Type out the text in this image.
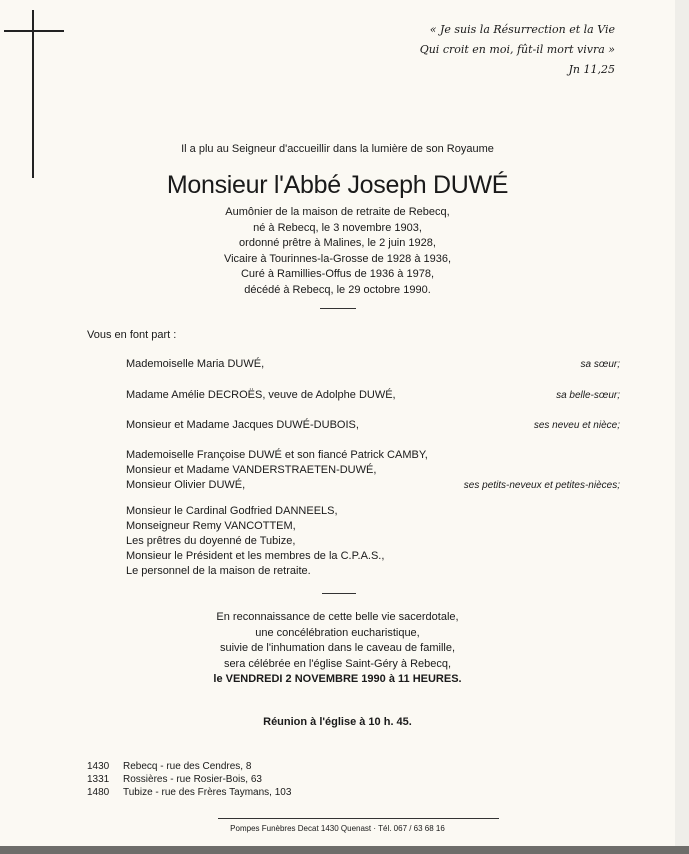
« Je suis la Résurrection et la Vie
Qui croit en moi, fût-il mort vivra »
Jn 11,25
Il a plu au Seigneur d'accueillir dans la lumière de son Royaume
Monsieur l'Abbé Joseph DUWÉ
Aumônier de la maison de retraite de Rebecq,
né à Rebecq, le 3 novembre 1903,
ordonné prêtre à Malines, le 2 juin 1928,
Vicaire à Tourinnes-la-Grosse de 1928 à 1936,
Curé à Ramillies-Offus de 1936 à 1978,
décédé à Rebecq, le 29 octobre 1990.
Vous en font part :
Mademoiselle Maria DUWÉ,	sa sœur;
Madame Amélie DECROËS, veuve de Adolphe DUWÉ,	sa belle-sœur;
Monsieur et Madame Jacques DUWÉ-DUBOIS,	ses neveu et nièce;
Mademoiselle Françoise DUWÉ et son fiancé Patrick CAMBY,
Monsieur et Madame VANDERSTRAETEN-DUWÉ,
Monsieur Olivier DUWÉ,	ses petits-neveux et petites-nièces;
Monsieur le Cardinal Godfried DANNEELS,
Monseigneur Remy VANCOTTEM,
Les prêtres du doyenné de Tubize,
Monsieur le Président et les membres de la C.P.A.S.,
Le personnel de la maison de retraite.
En reconnaissance de cette belle vie sacerdotale,
une concélébration eucharistique,
suivie de l'inhumation dans le caveau de famille,
sera célébrée en l'église Saint-Géry à Rebecq,
le VENDREDI 2 NOVEMBRE 1990 à 11 HEURES.
Réunion à l'église à 10 h. 45.
1430 Rebecq - rue des Cendres, 8
1331 Rossières - rue Rosier-Bois, 63
1480 Tubize - rue des Frères Taymans, 103
Pompes Funèbres Decat 1430 Quenast · Tél. 067 / 63 68 16
